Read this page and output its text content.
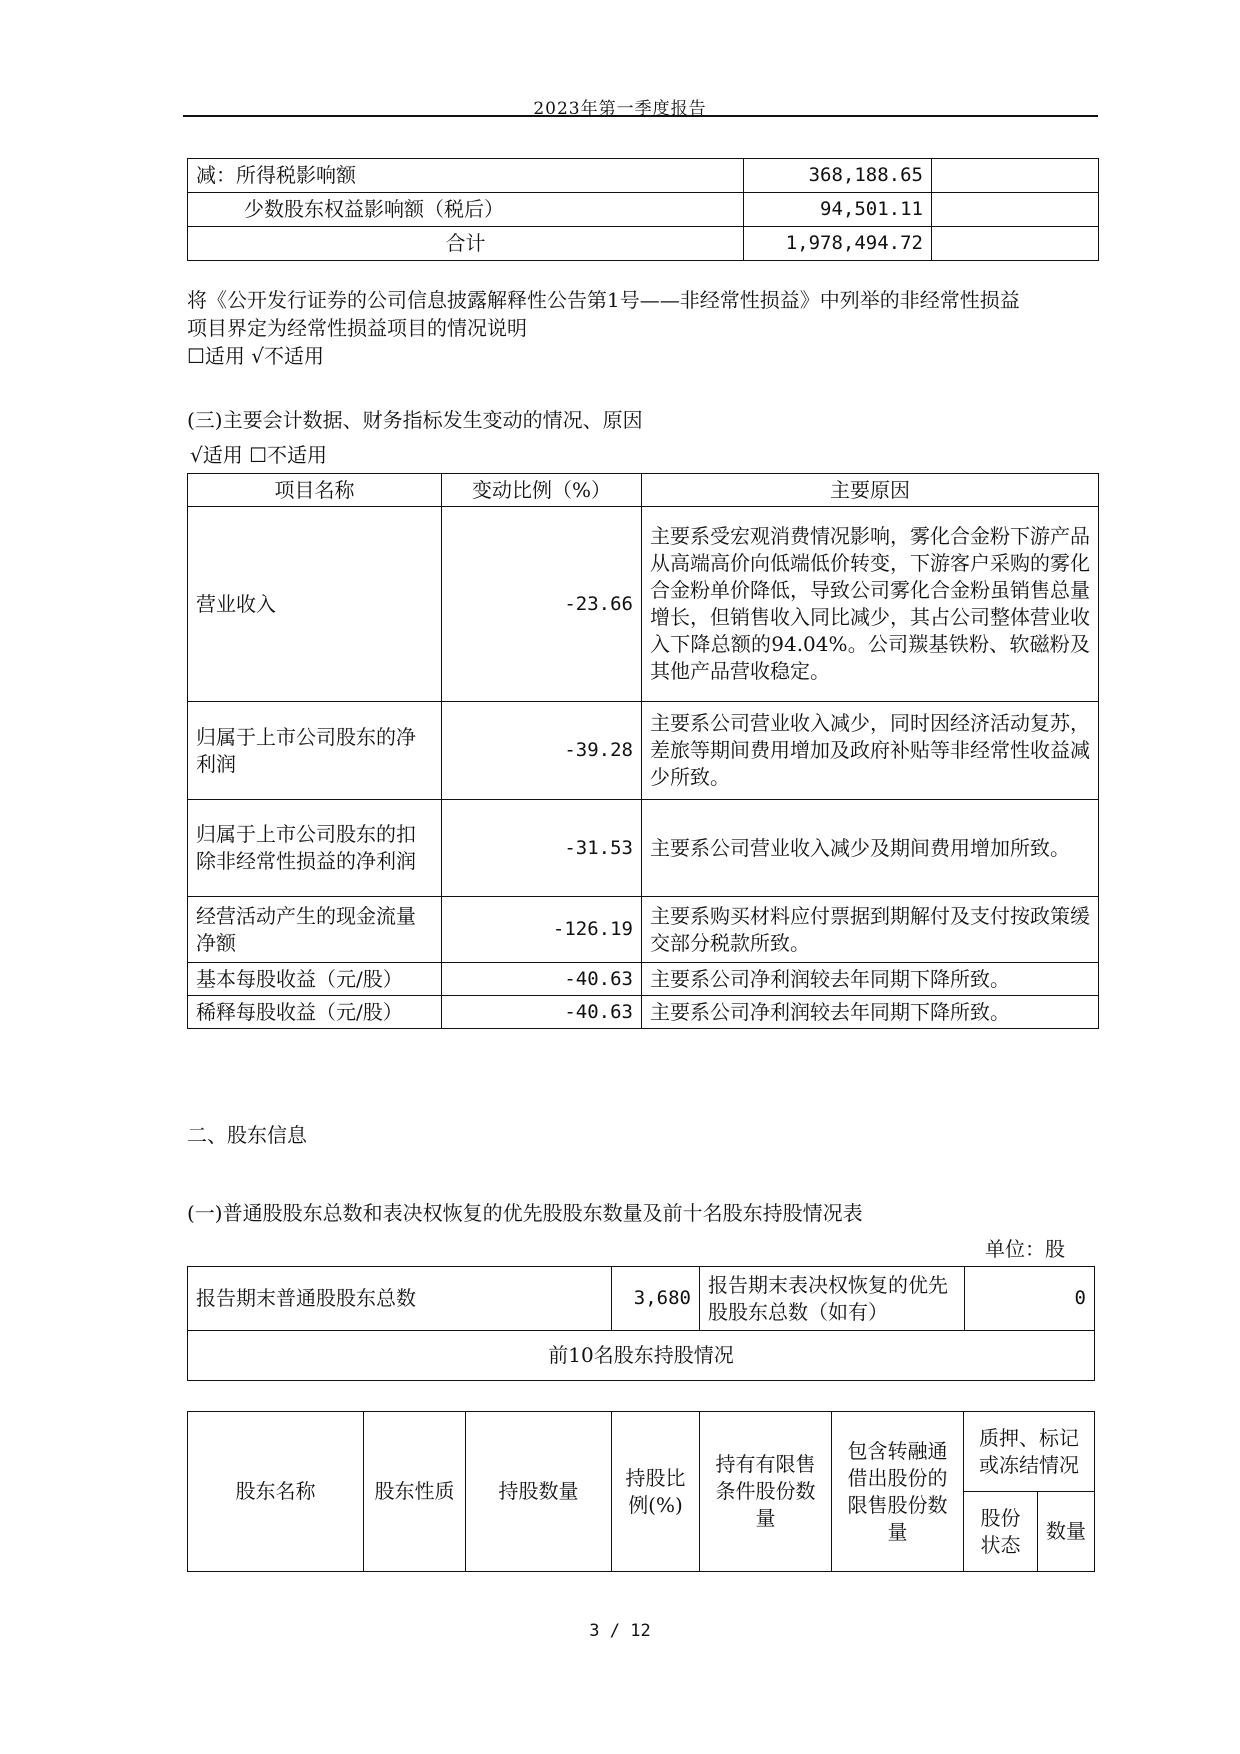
2023年第一季度报告
减：所得税影响额	368,188.65	
少数股东权益影响额（税后）	94,501.11	
合计	1,978,494.72	
将《公开发行证券的公司信息披露解释性公告第1号——非经常性损益》中列举的非经常性损益
项目界定为经常性损益项目的情况说明
☐适用 √不适用
(三)主要会计数据、财务指标发生变动的情况、原因
√适用 ☐不适用
项目名称	变动比例（%）	主要原因
营业收入	-23.66	主要系受宏观消费情况影响，雾化合金粉下游产品从高端高价向低端低价转变，下游客户采购的雾化合金粉单价降低，导致公司雾化合金粉虽销售总量增长，但销售收入同比减少，其占公司整体营业收入下降总额的94.04%。公司羰基铁粉、软磁粉及其他产品营收稳定。
归属于上市公司股东的净利润	-39.28	主要系公司营业收入减少，同时因经济活动复苏，差旅等期间费用增加及政府补贴等非经常性收益减少所致。
归属于上市公司股东的扣除非经常性损益的净利润	-31.53	主要系公司营业收入减少及期间费用增加所致。
经营活动产生的现金流量净额	-126.19	主要系购买材料应付票据到期解付及支付按政策缓交部分税款所致。
基本每股收益（元/股）	-40.63	主要系公司净利润较去年同期下降所致。
稀释每股收益（元/股）	-40.63	主要系公司净利润较去年同期下降所致。
二、股东信息
(一)普通股股东总数和表决权恢复的优先股股东数量及前十名股东持股情况表
单位：股
报告期末普通股股东总数	3,680	报告期末表决权恢复的优先股股东总数（如有）	0
前10名股东持股情况
股东名称	股东性质	持股数量	持股比例(%)	持有有限售条件股份数量	包含转融通借出股份的限售股份数量	质押、标记或冻结情况	
						股份状态	数量
3 / 12
